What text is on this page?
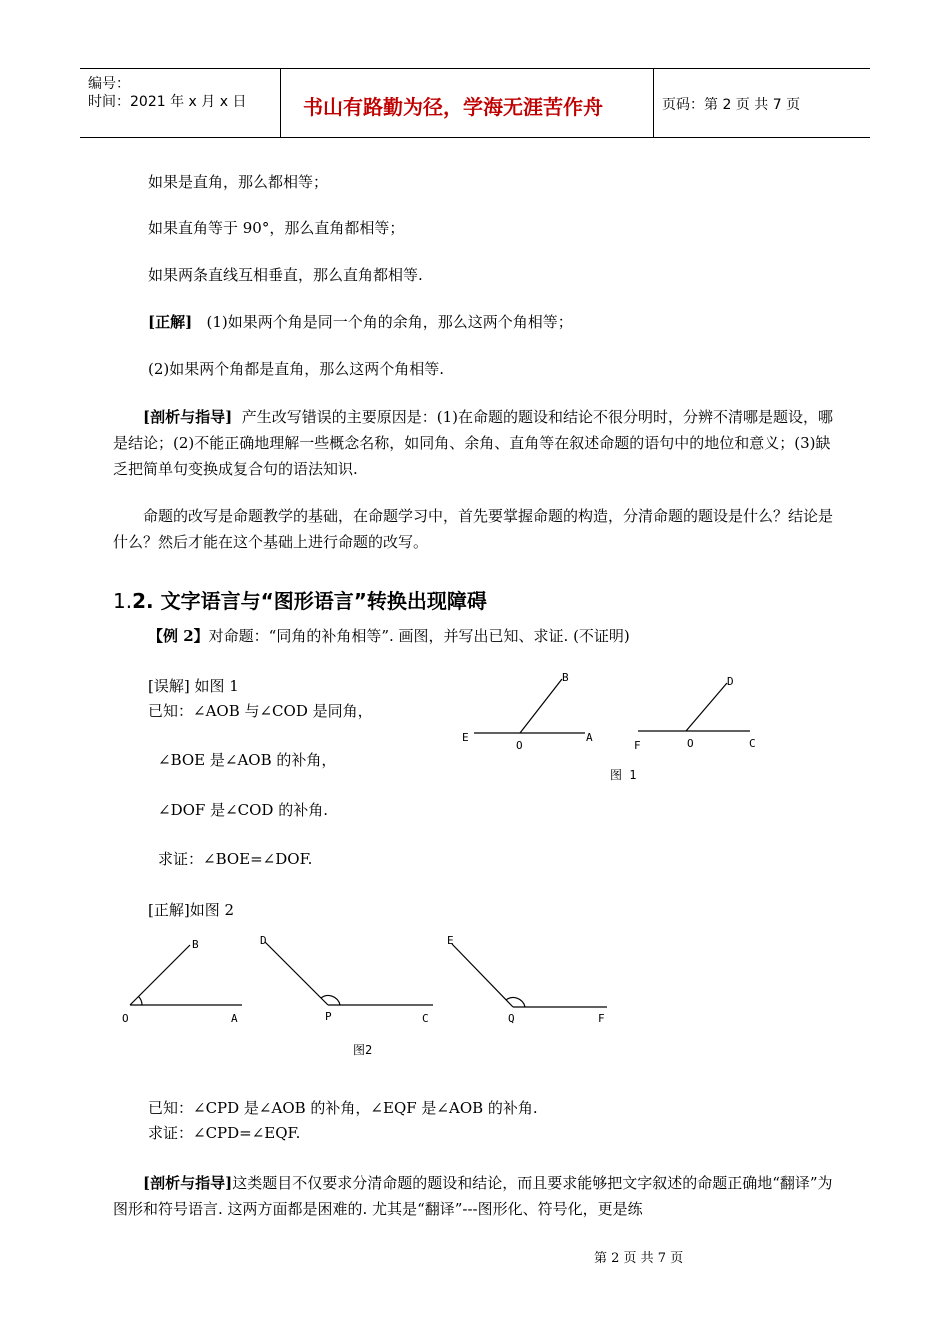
编号：
时间：2021 年 x 月 x 日	书山有路勤为径，学海无涯苦作舟	页码：第 2 页 共 7 页
如果是直角，那么都相等；
如果直角等于 90°，那么直角都相等；
如果两条直线互相垂直，那么直角都相等.
[正解] (1)如果两个角是同一个角的余角，那么这两个角相等；
(2)如果两个角都是直角，那么这两个角相等.
[剖析与指导] 产生改写错误的主要原因是：(1)在命题的题设和结论不很分明时，分辨不清哪是题设，哪是结论；(2)不能正确地理解一些概念名称，如同角、余角、直角等在叙述命题的语句中的地位和意义；(3)缺乏把简单句变换成复合句的语法知识.
命题的改写是命题教学的基础，在命题学习中，首先要掌握命题的构造，分清命题的题设是什么？结论是什么？然后才能在这个基础上进行命题的改写。
1.2. 文字语言与“图形语言”转换出现障碍
【例 2】对命题：“同角的补角相等”. 画图，并写出已知、求证. (不证明)
[误解] 如图 1
已知：∠AOB 与∠COD 是同角，
∠BOE 是∠AOB 的补角，
∠DOF 是∠COD 的补角.
求证：∠BOE=∠DOF.
B
E
O
A
D
F	O	C
图 1
[正解]如图 2
B
O	A
D
P	C
E
Q	F
图2
已知：∠CPD 是∠AOB 的补角，∠EQF 是∠AOB 的补角.
求证：∠CPD=∠EQF.
[剖析与指导]这类题目不仅要求分清命题的题设和结论，而且要求能够把文字叙述的命题正确地“翻译”为图形和符号语言. 这两方面都是困难的. 尤其是“翻译”---图形化、符号化，更是练
第 2 页 共 7 页
